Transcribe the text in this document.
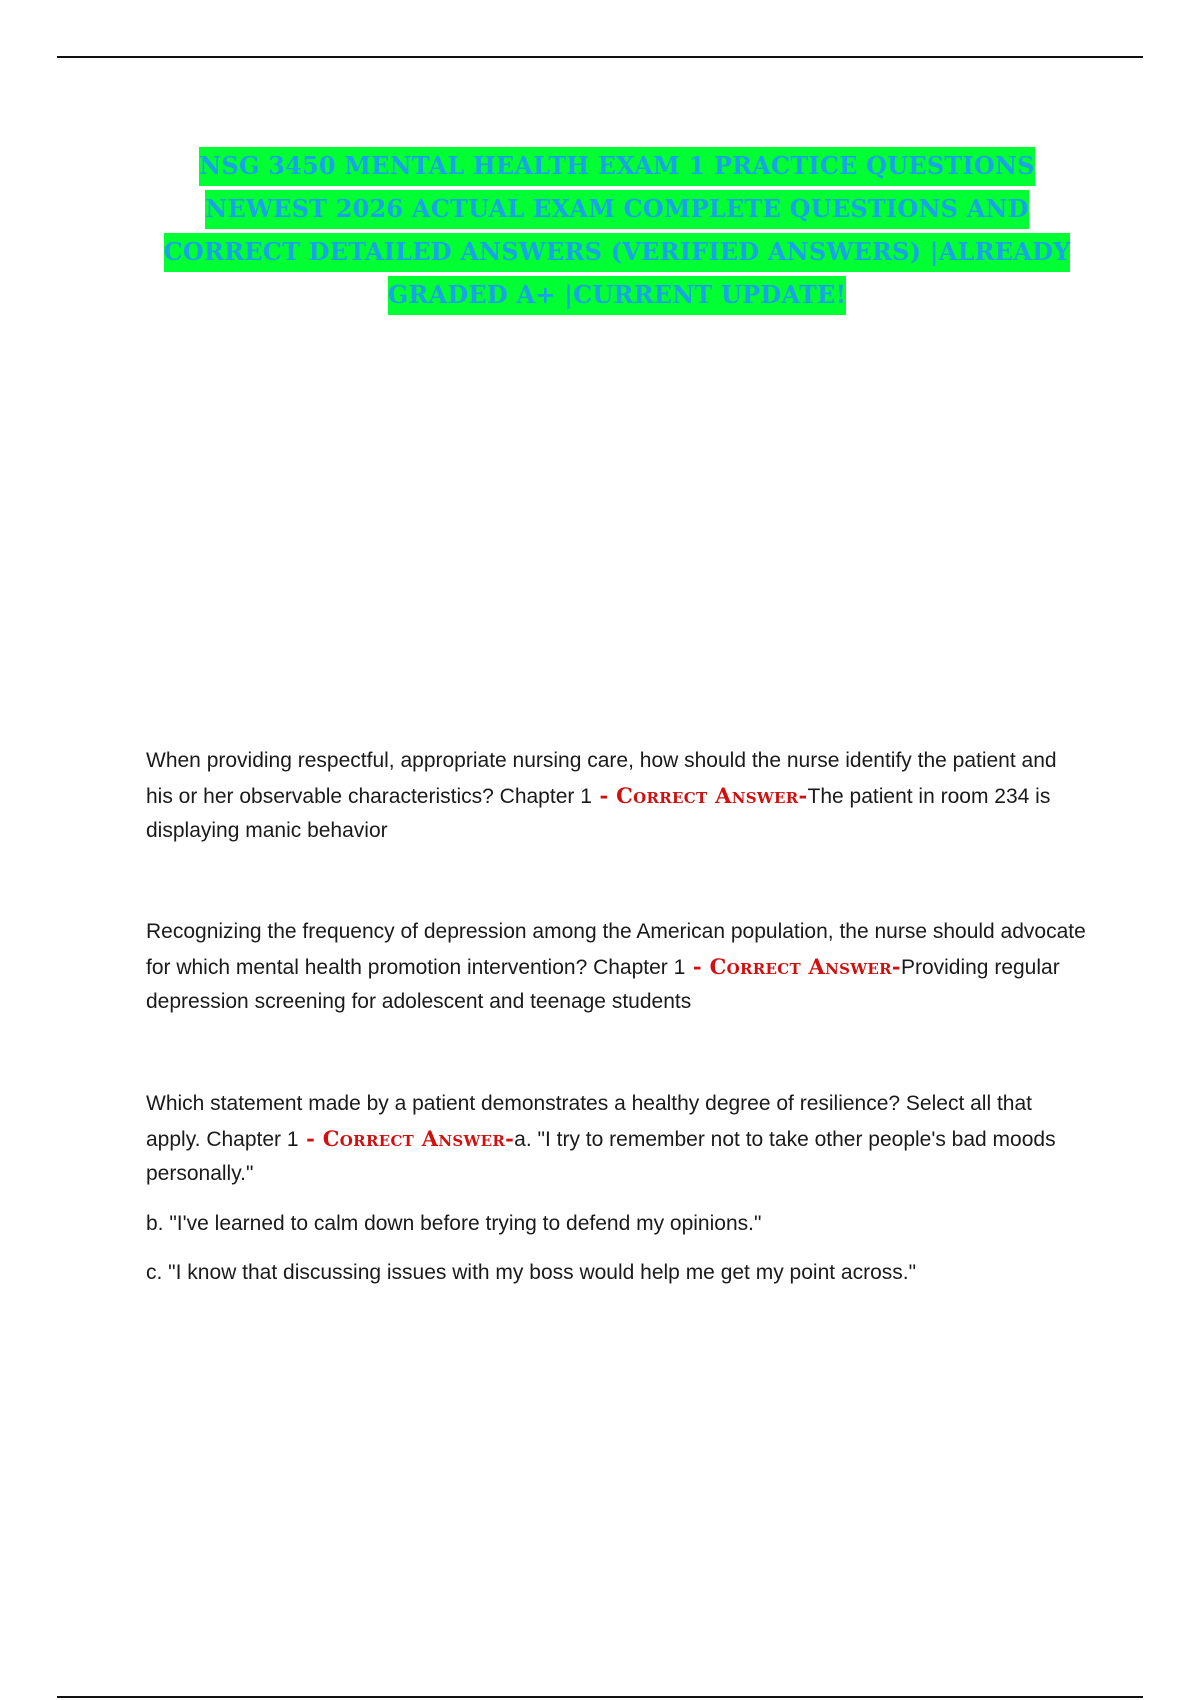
NSG 3450 MENTAL HEALTH EXAM 1 PRACTICE QUESTIONS NEWEST 2026 ACTUAL EXAM COMPLETE QUESTIONS AND CORRECT DETAILED ANSWERS (VERIFIED ANSWERS) |ALREADY GRADED A+ |CURRENT UPDATE!

When providing respectful, appropriate nursing care, how should the nurse identify the patient and his or her observable characteristics? Chapter 1 - Correct Answer-The patient in room 234 is displaying manic behavior

Recognizing the frequency of depression among the American population, the nurse should advocate for which mental health promotion intervention? Chapter 1 - Correct Answer-Providing regular depression screening for adolescent and teenage students

Which statement made by a patient demonstrates a healthy degree of resilience? Select all that apply. Chapter 1 - Correct Answer-a. "I try to remember not to take other people's bad moods personally."

b. "I've learned to calm down before trying to defend my opinions."

c. "I know that discussing issues with my boss would help me get my point across."
